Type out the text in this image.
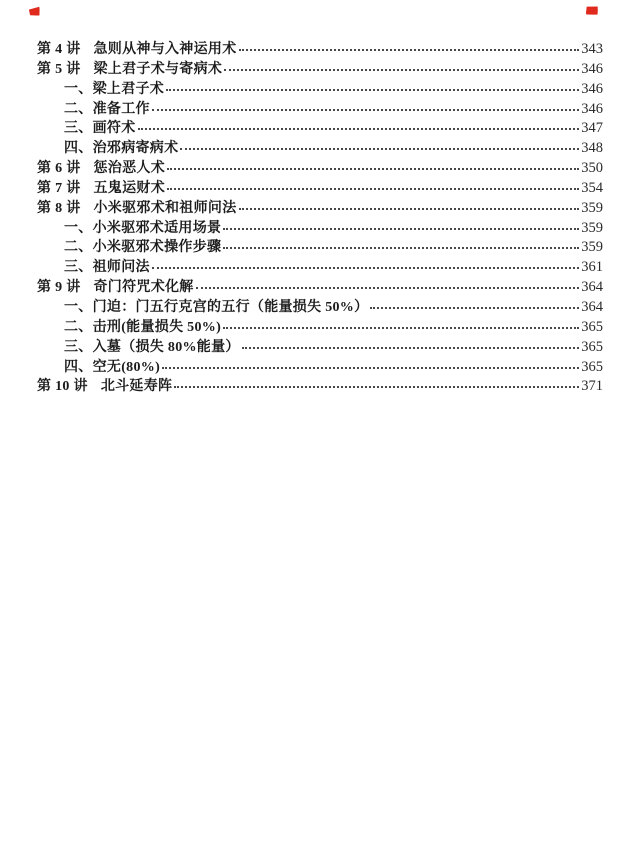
第 4 讲 急则从神与入神运用术	343
第 5 讲 梁上君子术与寄病术	346
一、 梁上君子术	346
二、 准备工作	346
三、 画符术	347
四、 治邪病寄病术	348
第 6 讲 惩治恶人术	350
第 7 讲 五鬼运财术	354
第 8 讲 小米驱邪术和祖师问法	359
一、 小米驱邪术适用场景	359
二、 小米驱邪术操作步骤	359
三、 祖师问法	361
第 9 讲 奇门符咒术化解	364
一、 门迫：门五行克宫的五行（能量损失 50%）	364
二、 击刑(能量损失 50%)	365
三、 入墓（损失 80%能量）	365
四、 空无(80%)	365
第 10 讲 北斗延寿阵	371
